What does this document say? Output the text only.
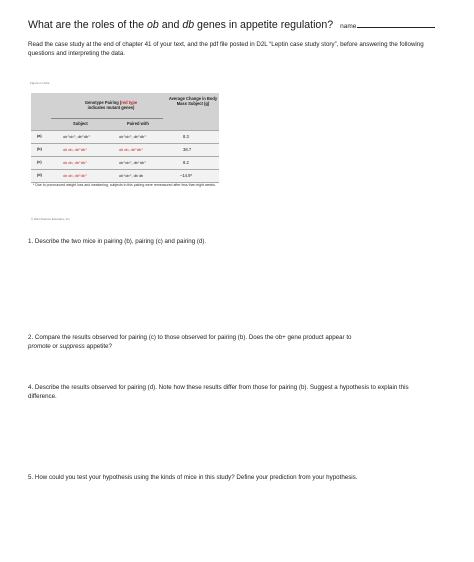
What are the roles of the ob and db genes in appetite regulation? name

Read the case study at the end of chapter 41 of your text, and the pdf file posted in D2L “Leptin case study story”, before answering the following questions and interpreting the data.

Figure in Units
Genotype Pairing (red type
indicates mutant genes)
Average Change in Body Mass Subject (g)
Subject	Paired with
(a)	ob⁺ob⁺, db⁺db⁺	ob⁺ob⁺, db⁺db⁺	8.3
(b)	ob ob, db⁺db⁺	ob ob, db⁺db⁺	38.7
(c)	ob ob, db⁺db⁺	ob⁺ob⁺, db⁺db⁺	8.2
(d)	ob ob, db⁺db⁺	ob⁺ob⁺, db db	–14.9*
* Due to pronounced weight loss and weakening, subjects in this pairing were remeasured after less than eight weeks.
© 2011 Pearson Education, Inc.

1. Describe the two mice in pairing (b), pairing (c) and pairing (d).

2. Compare the results observed for pairing (c) to those observed for pairing (b). Does the ob+ gene product appear to
promote or suppress appetite?

4. Describe the results observed for pairing (d). Note how these results differ from those for pairing (b). Suggest a hypothesis to explain this difference.

5. How could you test your hypothesis using the kinds of mice in this study? Define your prediction from your hypothesis.
